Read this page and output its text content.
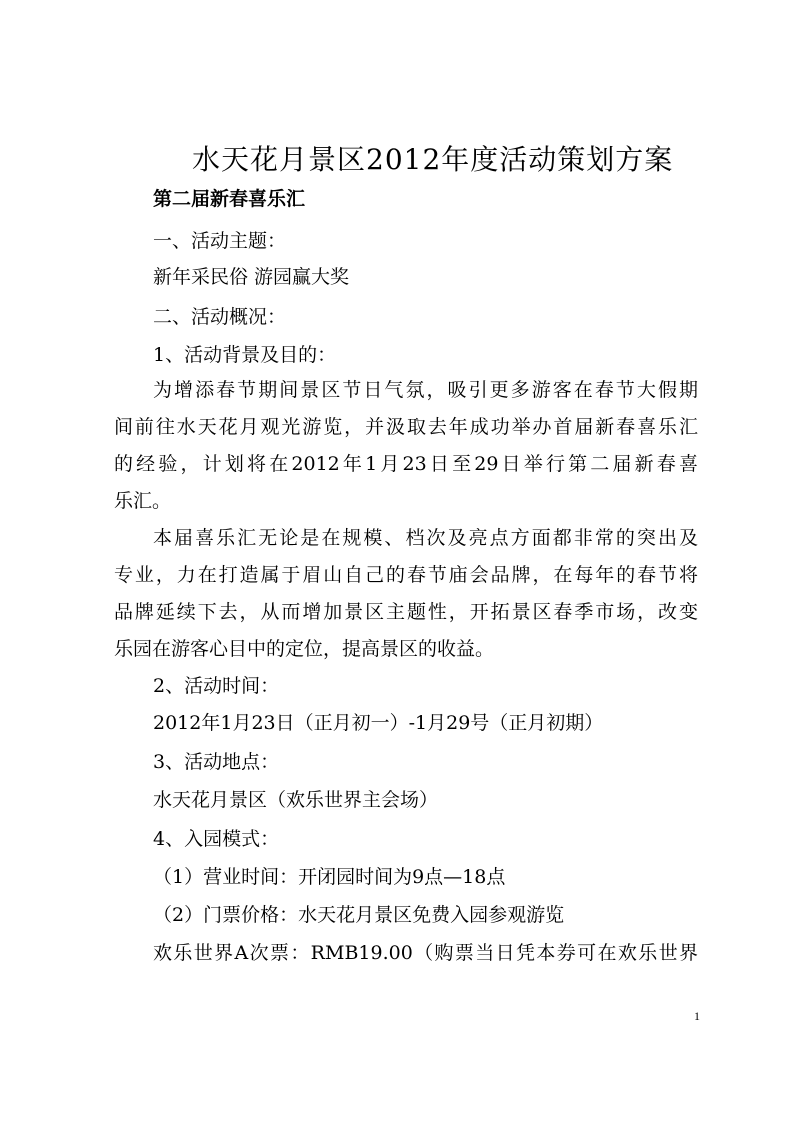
水天花月景区2012年度活动策划方案
第二届新春喜乐汇
一、活动主题：
新年采民俗 游园赢大奖
二、活动概况：
1、活动背景及目的：
为增添春节期间景区节日气氛，吸引更多游客在春节大假期
间前往水天花月观光游览，并汲取去年成功举办首届新春喜乐汇
的经验，计划将在2012年1月23日至29日举行第二届新春喜
乐汇。
本届喜乐汇无论是在规模、档次及亮点方面都非常的突出及
专业，力在打造属于眉山自己的春节庙会品牌，在每年的春节将
品牌延续下去，从而增加景区主题性，开拓景区春季市场，改变
乐园在游客心目中的定位，提高景区的收益。
2、活动时间：
2012年1月23日（正月初一）-1月29号（正月初期）
3、活动地点：
水天花月景区（欢乐世界主会场）
4、入园模式：
（1）营业时间：开闭园时间为9点—18点
（2）门票价格：水天花月景区免费入园参观游览
欢乐世界A次票：RMB19.00（购票当日凭本券可在欢乐世界
1
